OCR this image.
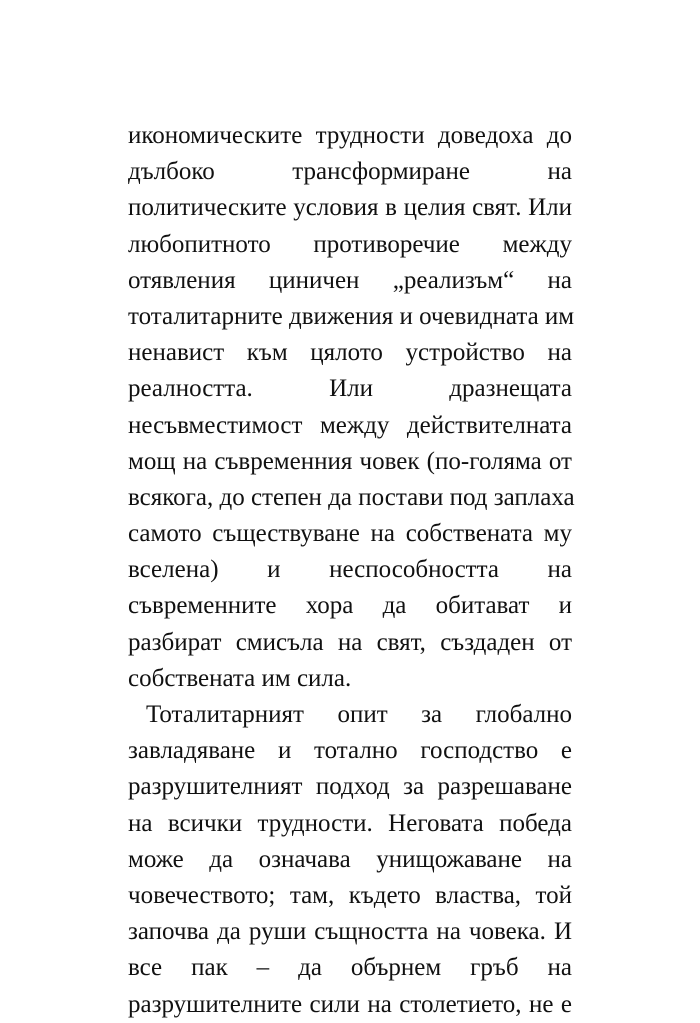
икономическите трудности доведоха до
дълбоко трансформиране на
политическите условия в целия свят. Или
любопитното противоречие между
отявления циничен „реализъм“ на
тоталитарните движения и очевидната им
ненавист към цялото устройство на
реалността. Или дразнещата
несъвместимост между действителната
мощ на съвременния човек (по-голяма от
всякога, до степен да постави под заплаха
самото съществуване на собствената му
вселена) и неспособността на
съвременните хора да обитават и
разбират смисъла на свят, създаден от
собствената им сила.
Тоталитарният опит за глобално
завладяване и тотално господство е
разрушителният подход за разрешаване
на всички трудности. Неговата победа
може да означава унищожаване на
човечеството; там, където властва, той
започва да руши същността на човека. И
все пак – да обърнем гръб на
разрушителните сили на столетието, не е
